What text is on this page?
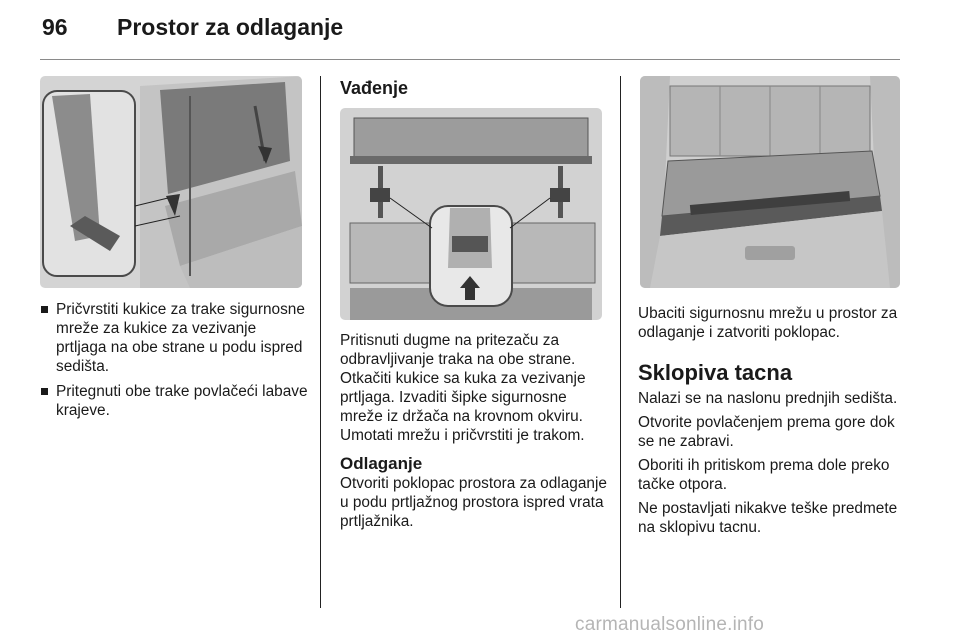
96 Prostor za odlaganje
Pričvrstiti kukice za trake sigurnosne mreže za kukice za vezivanje prtljaga na obe strane u podu ispred sedišta.
Pritegnuti obe trake povlačeći labave krajeve.
Vađenje

Pritisnuti dugme na pritezaču za odbravljivanje traka na obe strane. Otkačiti kukice sa kuka za vezivanje prtljaga. Izvaditi šipke sigurnosne mreže iz držača na krovnom okviru. Umotati mrežu i pričvrstiti je trakom.

Odlaganje

Otvoriti poklopac prostora za odlaganje u podu prtljažnog prostora ispred vrata prtljažnika.

Ubaciti sigurnosnu mrežu u prostor za odlaganje i zatvoriti poklopac.

Sklopiva tacna

Nalazi se na naslonu prednjih sedišta.

Otvorite povlačenjem prema gore dok se ne zabravi.

Oboriti ih pritiskom prema dole preko tačke otpora.

Ne postavljati nikakve teške predmete na sklopivu tacnu.

carmanualsonline.info
